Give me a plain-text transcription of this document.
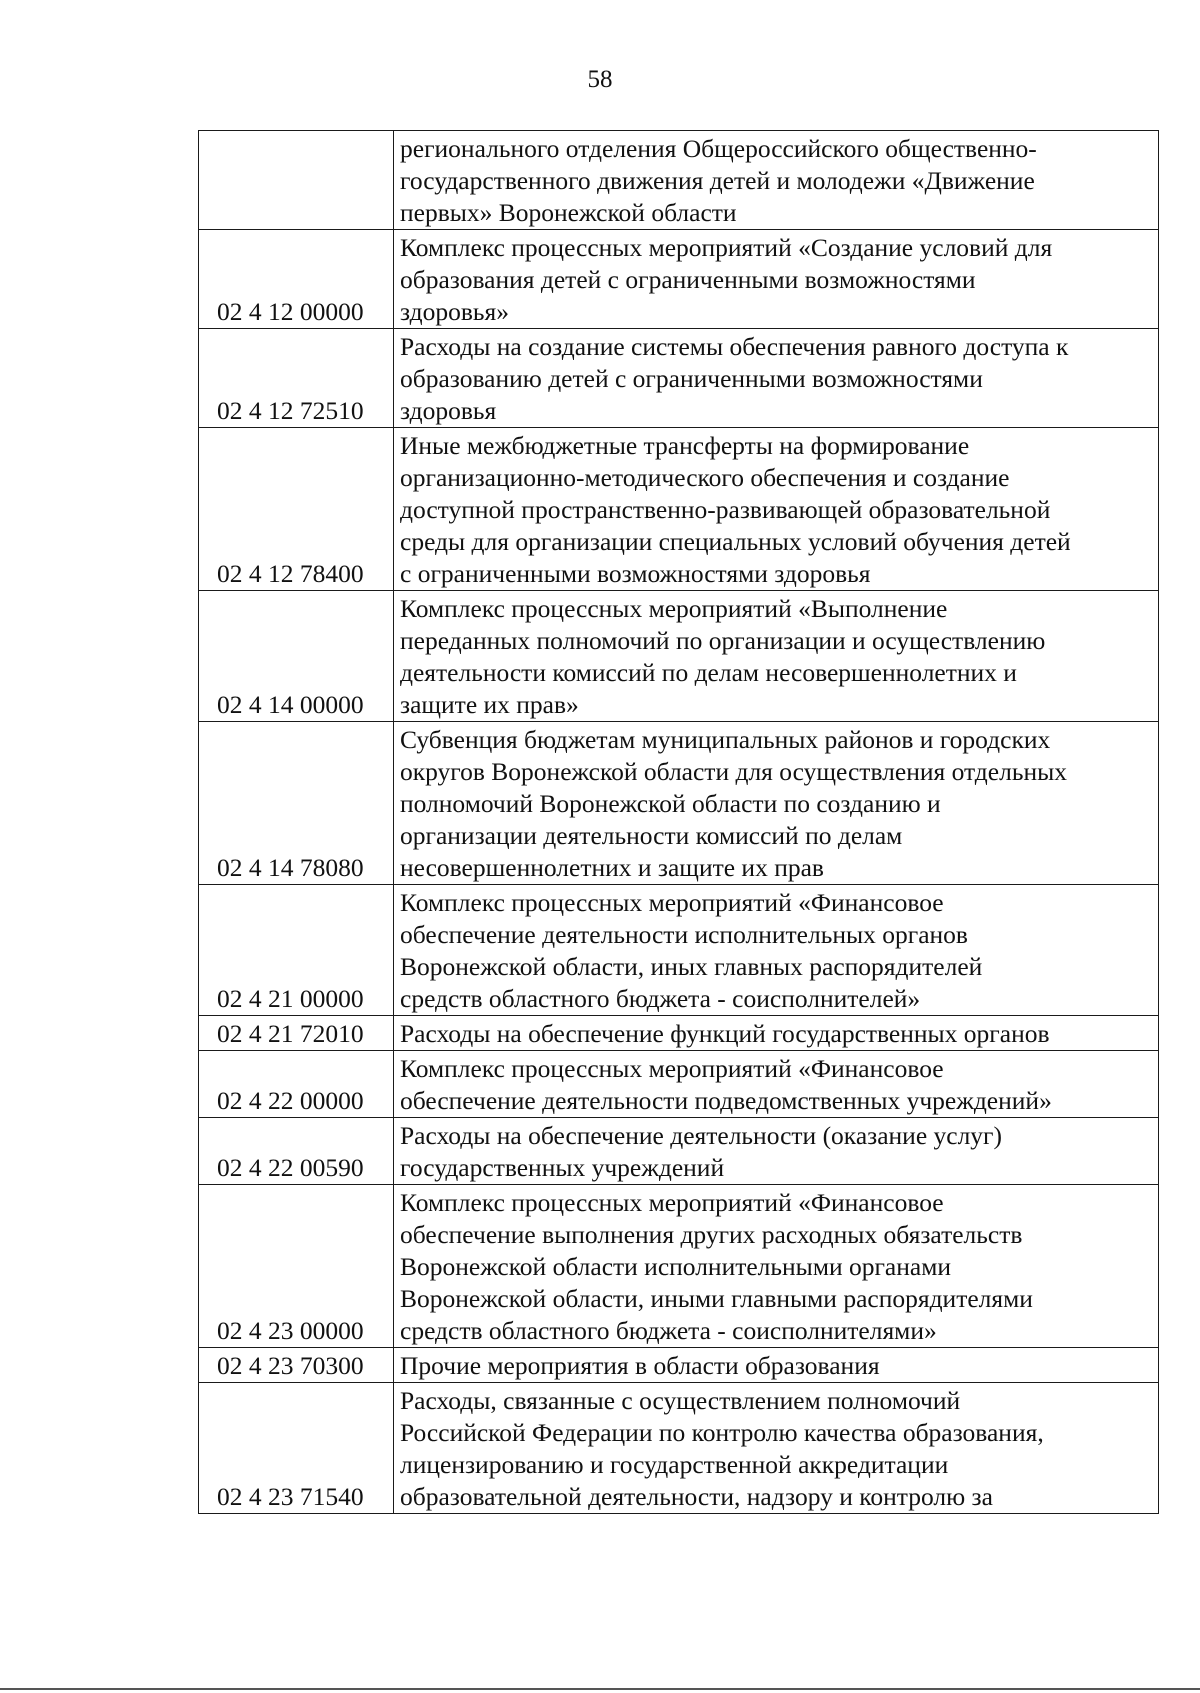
58
	регионального отделения Общероссийского общественно-
государственного движения детей и молодежи «Движение
первых» Воронежской области
02 4 12 00000	Комплекс процессных мероприятий «Создание условий для
образования детей с ограниченными возможностями
здоровья»
02 4 12 72510	Расходы на создание системы обеспечения равного доступа к
образованию детей с ограниченными возможностями
здоровья
02 4 12 78400	Иные межбюджетные трансферты на формирование
организационно-методического обеспечения и создание
доступной пространственно-развивающей образовательной
среды для организации специальных условий обучения детей
с ограниченными возможностями здоровья
02 4 14 00000	Комплекс процессных мероприятий «Выполнение
переданных полномочий по организации и осуществлению
деятельности комиссий по делам несовершеннолетних и
защите их прав»
02 4 14 78080	Субвенция бюджетам муниципальных районов и городских
округов Воронежской области для осуществления отдельных
полномочий Воронежской области по созданию и
организации деятельности комиссий по делам
несовершеннолетних и защите их прав
02 4 21 00000	Комплекс процессных мероприятий «Финансовое
обеспечение деятельности исполнительных органов
Воронежской области, иных главных распорядителей
средств областного бюджета - соисполнителей»
02 4 21 72010	Расходы на обеспечение функций государственных органов
02 4 22 00000	Комплекс процессных мероприятий «Финансовое
обеспечение деятельности подведомственных учреждений»
02 4 22 00590	Расходы на обеспечение деятельности (оказание услуг)
государственных учреждений
02 4 23 00000	Комплекс процессных мероприятий «Финансовое
обеспечение выполнения других расходных обязательств
Воронежской области исполнительными органами
Воронежской области, иными главными распорядителями
средств областного бюджета - соисполнителями»
02 4 23 70300	Прочие мероприятия в области образования
02 4 23 71540	Расходы, связанные с осуществлением полномочий
Российской Федерации по контролю качества образования,
лицензированию и государственной аккредитации
образовательной деятельности, надзору и контролю за
